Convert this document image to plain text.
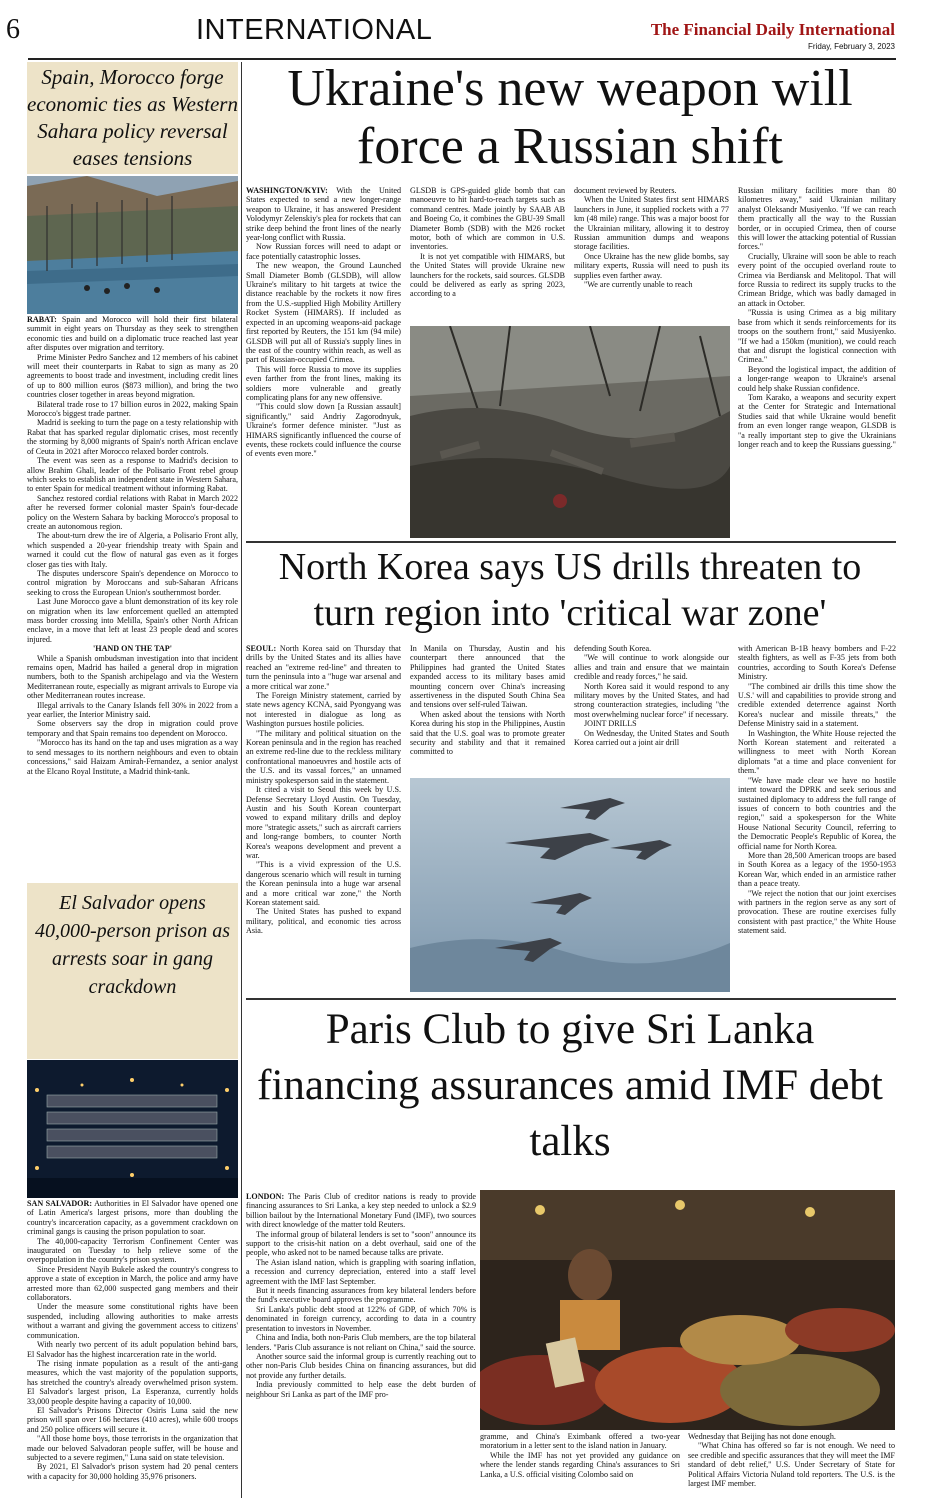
6	INTERNATIONAL	The Financial Daily International
Friday, February 3, 2023
Spain, Morocco forge economic ties as Western Sahara policy reversal eases tensions

RABAT: Spain and Morocco will hold their first bilateral summit in eight years on Thursday as they seek to strengthen economic ties and build on a diplomatic truce reached last year after disputes over migration and territory.

Prime Minister Pedro Sanchez and 12 members of his cabinet will meet their counterparts in Rabat to sign as many as 20 agreements to boost trade and investment, including credit lines of up to 800 million euros ($873 million), and bring the two countries closer together in areas beyond migration.

Bilateral trade rose to 17 billion euros in 2022, making Spain Morocco's biggest trade partner.

Madrid is seeking to turn the page on a testy relationship with Rabat that has sparked regular diplomatic crises, most recently the storming by 8,000 migrants of Spain's north African enclave of Ceuta in 2021 after Morocco relaxed border controls.

The event was seen as a response to Madrid's decision to allow Brahim Ghali, leader of the Polisario Front rebel group which seeks to establish an independent state in Western Sahara, to enter Spain for medical treatment without informing Rabat.

Sanchez restored cordial relations with Rabat in March 2022 after he reversed former colonial master Spain's four-decade policy on the Western Sahara by backing Morocco's proposal to create an autonomous region.

The about-turn drew the ire of Algeria, a Polisario Front ally, which suspended a 20-year friendship treaty with Spain and warned it could cut the flow of natural gas even as it forges closer gas ties with Italy.

The disputes underscore Spain's dependence on Morocco to control migration by Moroccans and sub-Saharan Africans seeking to cross the European Union's southernmost border.

Last June Morocco gave a blunt demonstration of its key role on migration when its law enforcement quelled an attempted mass border crossing into Melilla, Spain's other North African enclave, in a move that left at least 23 people dead and scores injured.

'HAND ON THE TAP'

While a Spanish ombudsman investigation into that incident remains open, Madrid has hailed a general drop in migration numbers, both to the Spanish archipelago and via the Western Mediterranean route, especially as migrant arrivals to Europe via other Mediterranean routes increase.

Illegal arrivals to the Canary Islands fell 30% in 2022 from a year earlier, the Interior Ministry said.

Some observers say the drop in migration could prove temporary and that Spain remains too dependent on Morocco.

"Morocco has its hand on the tap and uses migration as a way to send messages to its northern neighbours and even to obtain concessions," said Haizam Amirah-Fernandez, a senior analyst at the Elcano Royal Institute, a Madrid think-tank.

El Salvador opens 40,000-person prison as arrests soar in gang crackdown

SAN SALVADOR: Authorities in El Salvador have opened one of Latin America's largest prisons, more than doubling the country's incarceration capacity, as a government crackdown on criminal gangs is causing the prison population to soar.

The 40,000-capacity Terrorism Confinement Center was inaugurated on Tuesday to help relieve some of the overpopulation in the country's prison system.

Since President Nayib Bukele asked the country's congress to approve a state of exception in March, the police and army have arrested more than 62,000 suspected gang members and their collaborators.

Under the measure some constitutional rights have been suspended, including allowing authorities to make arrests without a warrant and giving the government access to citizens' communication.

With nearly two percent of its adult population behind bars, El Salvador has the highest incarceration rate in the world.

The rising inmate population as a result of the anti-gang measures, which the vast majority of the population supports, has stretched the country's already overwhelmed prison system. El Salvador's largest prison, La Esperanza, currently holds 33,000 people despite having a capacity of 10,000.

El Salvador's Prisons Director Osiris Luna said the new prison will span over 166 hectares (410 acres), while 600 troops and 250 police officers will secure it.

"All those home boys, those terrorists in the organization that made our beloved Salvadoran people suffer, will be house and subjected to a severe regimen," Luna said on state television.

By 2021, El Salvador's prison system had 20 penal centers with a capacity for 30,000 holding 35,976 prisoners.

Ukraine's new weapon will force a Russian shift

WASHINGTON/KYIV: With the United States expected to send a new longer-range weapon to Ukraine, it has answered President Volodymyr Zelenskiy's plea for rockets that can strike deep behind the front lines of the nearly year-long conflict with Russia.

Now Russian forces will need to adapt or face potentially catastrophic losses.

The new weapon, the Ground Launched Small Diameter Bomb (GLSDB), will allow Ukraine's military to hit targets at twice the distance reachable by the rockets it now fires from the U.S.-supplied High Mobility Artillery Rocket System (HIMARS). If included as expected in an upcoming weapons-aid package first reported by Reuters, the 151 km (94 mile) GLSDB will put all of Russia's supply lines in the east of the country within reach, as well as part of Russian-occupied Crimea.

This will force Russia to move its supplies even farther from the front lines, making its soldiers more vulnerable and greatly complicating plans for any new offensive.

"This could slow down [a Russian assault] significantly," said Andriy Zagorodnyuk, Ukraine's former defence minister. "Just as HIMARS significantly influenced the course of events, these rockets could influence the course of events even more."

GLSDB is GPS-guided glide bomb that can manoeuvre to hit hard-to-reach targets such as command centres. Made jointly by SAAB AB and Boeing Co, it combines the GBU-39 Small Diameter Bomb (SDB) with the M26 rocket motor, both of which are common in U.S. inventories.

It is not yet compatible with HIMARS, but the United States will provide Ukraine new launchers for the rockets, said sources. GLSDB could be delivered as early as spring 2023, according to a

document reviewed by Reuters.

When the United States first sent HIMARS launchers in June, it supplied rockets with a 77 km (48 mile) range. This was a major boost for the Ukrainian military, allowing it to destroy Russian ammunition dumps and weapons storage facilities.

Once Ukraine has the new glide bombs, say military experts, Russia will need to push its supplies even farther away.

"We are currently unable to reach

Russian military facilities more than 80 kilometres away," said Ukrainian military analyst Oleksandr Musiyenko. "If we can reach them practically all the way to the Russian border, or in occupied Crimea, then of course this will lower the attacking potential of Russian forces."

Crucially, Ukraine will soon be able to reach every point of the occupied overland route to Crimea via Berdiansk and Melitopol. That will force Russia to redirect its supply trucks to the Crimean Bridge, which was badly damaged in an attack in October.

"Russia is using Crimea as a big military base from which it sends reinforcements for its troops on the southern front," said Musiyenko. "If we had a 150km (munition), we could reach that and disrupt the logistical connection with Crimea."

Beyond the logistical impact, the addition of a longer-range weapon to Ukraine's arsenal could help shake Russian confidence.

Tom Karako, a weapons and security expert at the Center for Strategic and International Studies said that while Ukraine would benefit from an even longer range weapon, GLSDB is "a really important step to give the Ukrainians longer reach and to keep the Russians guessing."

North Korea says US drills threaten to turn region into 'critical war zone'

SEOUL: North Korea said on Thursday that drills by the United States and its allies have reached an "extreme red-line" and threaten to turn the peninsula into a "huge war arsenal and a more critical war zone."

The Foreign Ministry statement, carried by state news agency KCNA, said Pyongyang was not interested in dialogue as long as Washington pursues hostile policies.

"The military and political situation on the Korean peninsula and in the region has reached an extreme red-line due to the reckless military confrontational manoeuvres and hostile acts of the U.S. and its vassal forces," an unnamed ministry spokesperson said in the statement.

It cited a visit to Seoul this week by U.S. Defense Secretary Lloyd Austin. On Tuesday, Austin and his South Korean counterpart vowed to expand military drills and deploy more "strategic assets," such as aircraft carriers and long-range bombers, to counter North Korea's weapons development and prevent a war.

"This is a vivid expression of the U.S. dangerous scenario which will result in turning the Korean peninsula into a huge war arsenal and a more critical war zone," the North Korean statement said.

The United States has pushed to expand military, political, and economic ties across Asia.

In Manila on Thursday, Austin and his counterpart there announced that the Philippines had granted the United States expanded access to its military bases amid mounting concern over China's increasing assertiveness in the disputed South China Sea and tensions over self-ruled Taiwan.

When asked about the tensions with North Korea during his stop in the Philippines, Austin said that the U.S. goal was to promote greater security and stability and that it remained committed to

defending South Korea.

"We will continue to work alongside our allies and train and ensure that we maintain credible and ready forces," he said.

North Korea said it would respond to any military moves by the United States, and had strong counteraction strategies, including "the most overwhelming nuclear force" if necessary.

JOINT DRILLS

On Wednesday, the United States and South Korea carried out a joint air drill

with American B-1B heavy bombers and F-22 stealth fighters, as well as F-35 jets from both countries, according to South Korea's Defense Ministry.

"The combined air drills this time show the U.S.' will and capabilities to provide strong and credible extended deterrence against North Korea's nuclear and missile threats," the Defense Ministry said in a statement.

In Washington, the White House rejected the North Korean statement and reiterated a willingness to meet with North Korean diplomats "at a time and place convenient for them."

"We have made clear we have no hostile intent toward the DPRK and seek serious and sustained diplomacy to address the full range of issues of concern to both countries and the region," said a spokesperson for the White House National Security Council, referring to the Democratic People's Republic of Korea, the official name for North Korea.

More than 28,500 American troops are based in South Korea as a legacy of the 1950-1953 Korean War, which ended in an armistice rather than a peace treaty.

"We reject the notion that our joint exercises with partners in the region serve as any sort of provocation. These are routine exercises fully consistent with past practice," the White House statement said.

Paris Club to give Sri Lanka financing assurances amid IMF debt talks

LONDON: The Paris Club of creditor nations is ready to provide financing assurances to Sri Lanka, a key step needed to unlock a $2.9 billion bailout by the International Monetary Fund (IMF), two sources with direct knowledge of the matter told Reuters.

The informal group of bilateral lenders is set to "soon" announce its support to the crisis-hit nation on a debt overhaul, said one of the people, who asked not to be named because talks are private.

The Asian island nation, which is grappling with soaring inflation, a recession and currency depreciation, entered into a staff level agreement with the IMF last September.

But it needs financing assurances from key bilateral lenders before the fund's executive board approves the programme.

Sri Lanka's public debt stood at 122% of GDP, of which 70% is denominated in foreign currency, according to data in a country presentation to investors in November.

China and India, both non-Paris Club members, are the top bilateral lenders. "Paris Club assurance is not reliant on China," said the source.

Another source said the informal group is currently reaching out to other non-Paris Club besides China on financing assurances, but did not provide any further details.

India previously committed to help ease the debt burden of neighbour Sri Lanka as part of the IMF pro-

gramme, and China's Eximbank offered a two-year moratorium in a letter sent to the island nation in January.

While the IMF has not yet provided any guidance on where the lender stands regarding China's assurances to Sri Lanka, a U.S. official visiting Colombo said on

Wednesday that Beijing has not done enough.

"What China has offered so far is not enough. We need to see credible and specific assurances that they will meet the IMF standard of debt relief," U.S. Under Secretary of State for Political Affairs Victoria Nuland told reporters. The U.S. is the largest IMF member.
